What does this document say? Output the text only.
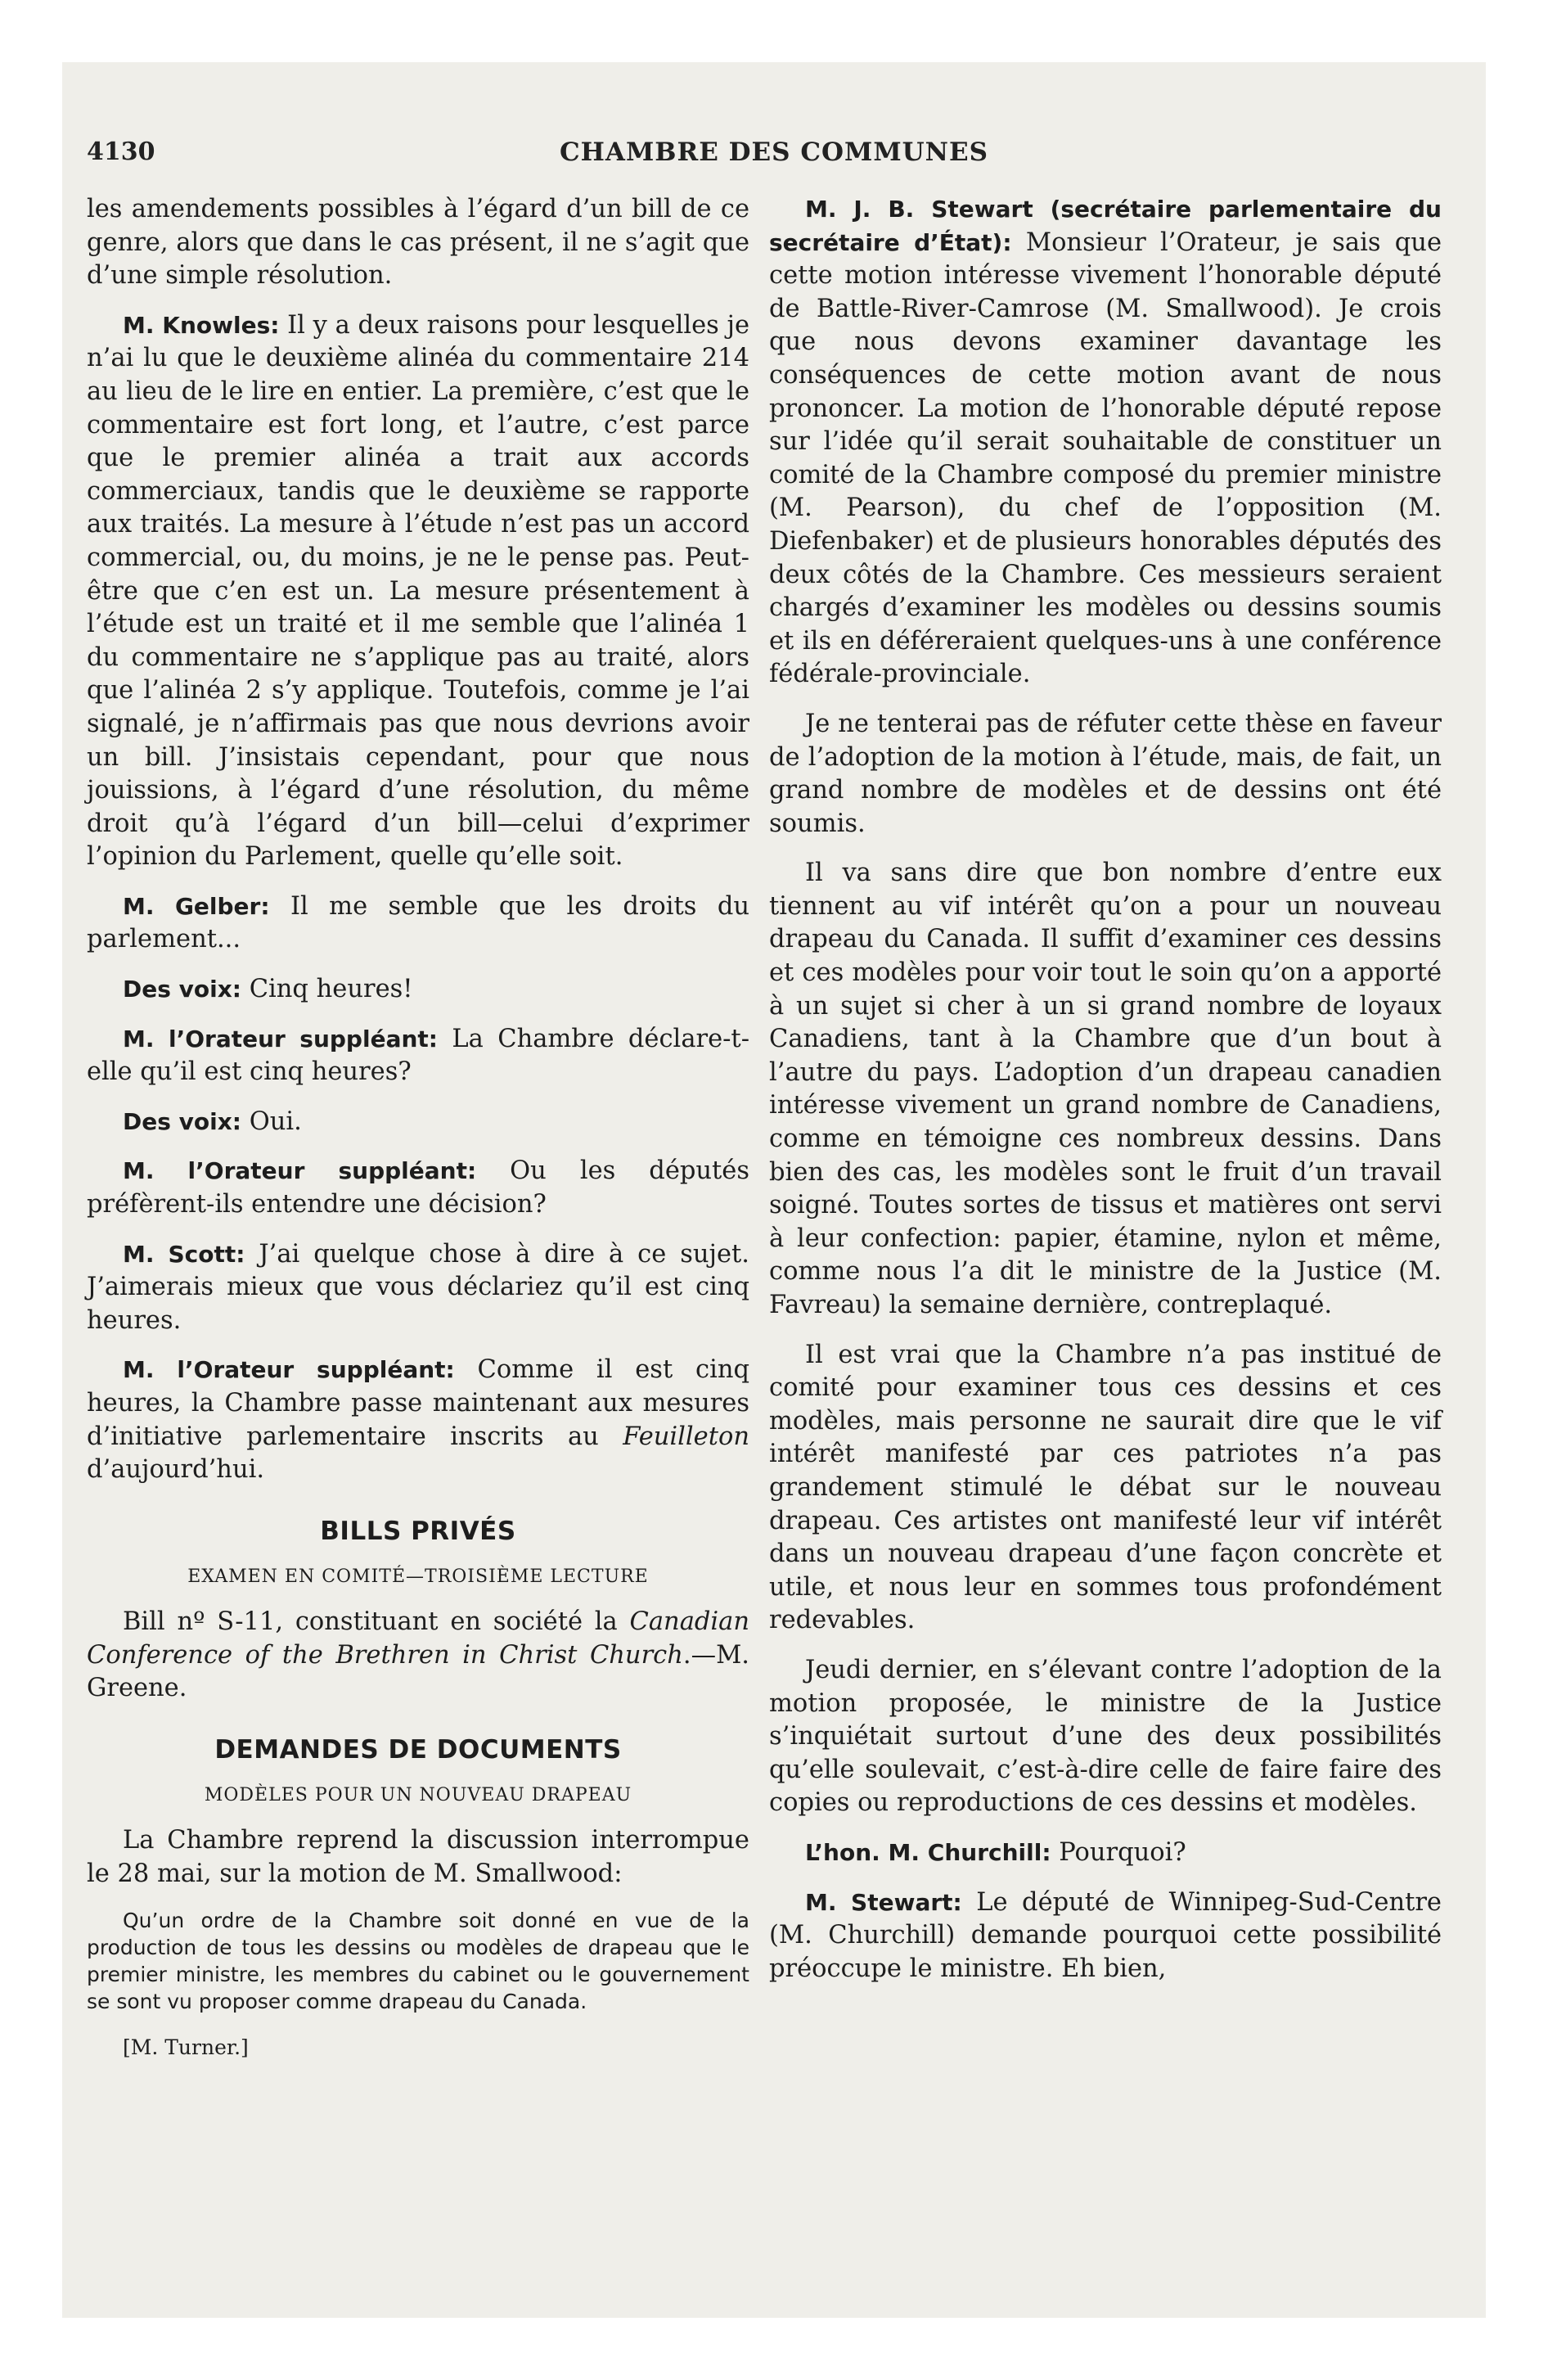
4130	CHAMBRE DES COMMUNES

les amendements possibles à l’égard d’un bill de ce genre, alors que dans le cas présent, il ne s’agit que d’une simple résolution.

M. Knowles: Il y a deux raisons pour lesquelles je n’ai lu que le deuxième alinéa du commentaire 214 au lieu de le lire en entier. La première, c’est que le commentaire est fort long, et l’autre, c’est parce que le premier alinéa a trait aux accords commerciaux, tandis que le deuxième se rapporte aux traités. La mesure à l’étude n’est pas un accord commercial, ou, du moins, je ne le pense pas. Peut-être que c’en est un. La mesure présentement à l’étude est un traité et il me semble que l’alinéa 1 du commentaire ne s’applique pas au traité, alors que l’alinéa 2 s’y applique. Toutefois, comme je l’ai signalé, je n’affirmais pas que nous devrions avoir un bill. J’insistais cependant, pour que nous jouissions, à l’égard d’une résolution, du même droit qu’à l’égard d’un bill—celui d’exprimer l’opinion du Parlement, quelle qu’elle soit.

M. Gelber: Il me semble que les droits du parlement...

Des voix: Cinq heures!

M. l’Orateur suppléant: La Chambre déclare-t-elle qu’il est cinq heures?

Des voix: Oui.

M. l’Orateur suppléant: Ou les députés préfèrent-ils entendre une décision?

M. Scott: J’ai quelque chose à dire à ce sujet. J’aimerais mieux que vous déclariez qu’il est cinq heures.

M. l’Orateur suppléant: Comme il est cinq heures, la Chambre passe maintenant aux mesures d’initiative parlementaire inscrits au Feuilleton d’aujourd’hui.

BILLS PRIVÉS
EXAMEN EN COMITÉ—TROISIÈME LECTURE

Bill nº S-11, constituant en société la Canadian Conference of the Brethren in Christ Church.—M. Greene.

DEMANDES DE DOCUMENTS
MODÈLES POUR UN NOUVEAU DRAPEAU

La Chambre reprend la discussion interrompue le 28 mai, sur la motion de M. Smallwood:

Qu’un ordre de la Chambre soit donné en vue de la production de tous les dessins ou modèles de drapeau que le premier ministre, les membres du cabinet ou le gouvernement se sont vu proposer comme drapeau du Canada.

[M. Turner.]

M. J. B. Stewart (secrétaire parlementaire du secrétaire d’État): Monsieur l’Orateur, je sais que cette motion intéresse vivement l’honorable député de Battle-River-Camrose (M. Smallwood). Je crois que nous devons examiner davantage les conséquences de cette motion avant de nous prononcer. La motion de l’honorable député repose sur l’idée qu’il serait souhaitable de constituer un comité de la Chambre composé du premier ministre (M. Pearson), du chef de l’opposition (M. Diefenbaker) et de plusieurs honorables députés des deux côtés de la Chambre. Ces messieurs seraient chargés d’examiner les modèles ou dessins soumis et ils en déféreraient quelques-uns à une conférence fédérale-provinciale.

Je ne tenterai pas de réfuter cette thèse en faveur de l’adoption de la motion à l’étude, mais, de fait, un grand nombre de modèles et de dessins ont été soumis.

Il va sans dire que bon nombre d’entre eux tiennent au vif intérêt qu’on a pour un nouveau drapeau du Canada. Il suffit d’examiner ces dessins et ces modèles pour voir tout le soin qu’on a apporté à un sujet si cher à un si grand nombre de loyaux Canadiens, tant à la Chambre que d’un bout à l’autre du pays. L’adoption d’un drapeau canadien intéresse vivement un grand nombre de Canadiens, comme en témoigne ces nombreux dessins. Dans bien des cas, les modèles sont le fruit d’un travail soigné. Toutes sortes de tissus et matières ont servi à leur confection: papier, étamine, nylon et même, comme nous l’a dit le ministre de la Justice (M. Favreau) la semaine dernière, contreplaqué.

Il est vrai que la Chambre n’a pas institué de comité pour examiner tous ces dessins et ces modèles, mais personne ne saurait dire que le vif intérêt manifesté par ces patriotes n’a pas grandement stimulé le débat sur le nouveau drapeau. Ces artistes ont manifesté leur vif intérêt dans un nouveau drapeau d’une façon concrète et utile, et nous leur en sommes tous profondément redevables.

Jeudi dernier, en s’élevant contre l’adoption de la motion proposée, le ministre de la Justice s’inquiétait surtout d’une des deux possibilités qu’elle soulevait, c’est-à-dire celle de faire faire des copies ou reproductions de ces dessins et modèles.

L’hon. M. Churchill: Pourquoi?

M. Stewart: Le député de Winnipeg-Sud-Centre (M. Churchill) demande pourquoi cette possibilité préoccupe le ministre. Eh bien,
